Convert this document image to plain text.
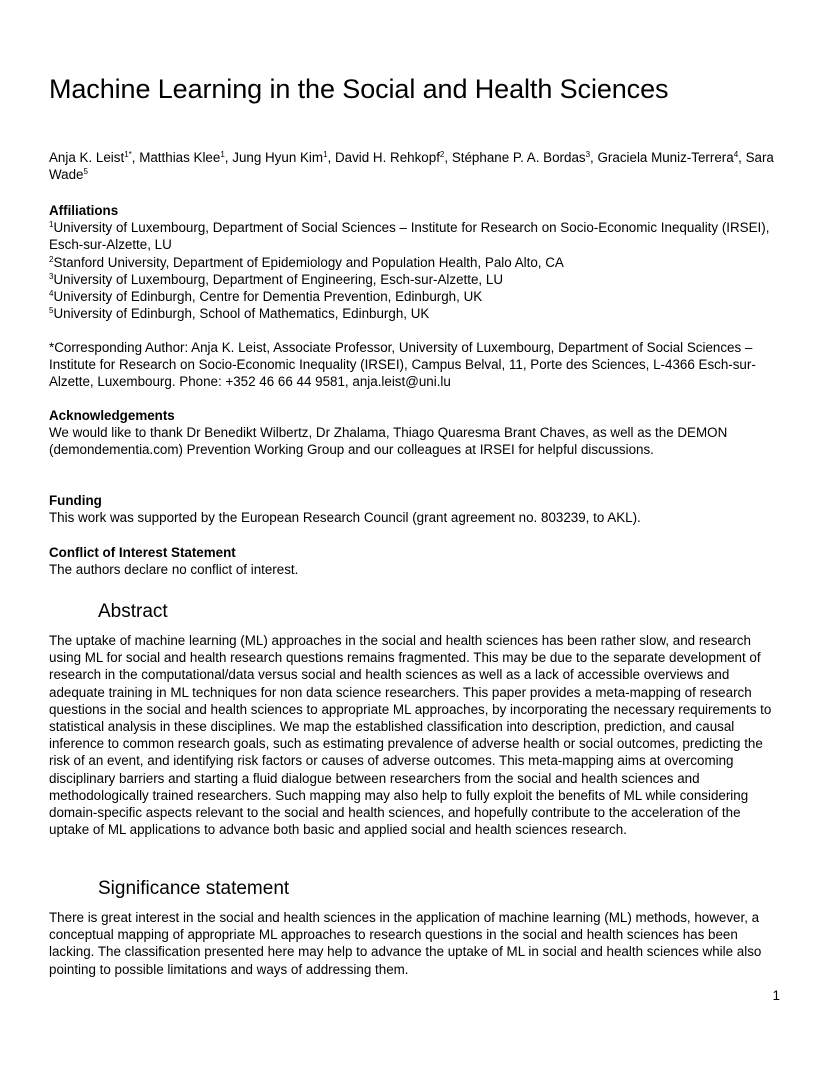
Machine Learning in the Social and Health Sciences

Anja K. Leist$^{1*}$, Matthias Klee$^1$, Jung Hyun Kim$^1$, David H. Rehkopf$^2$, Stéphane P. A. Bordas$^3$, Graciela Muniz-Terrera$^4$, Sara Wade$^5$

Affiliations

$^1$University of Luxembourg, Department of Social Sciences – Institute for Research on Socio-Economic Inequality (IRSEI), Esch-sur-Alzette, LU

$^2$Stanford University, Department of Epidemiology and Population Health, Palo Alto, CA

$^3$University of Luxembourg, Department of Engineering, Esch-sur-Alzette, LU

$^4$University of Edinburgh, Centre for Dementia Prevention, Edinburgh, UK

$^5$University of Edinburgh, School of Mathematics, Edinburgh, UK

*Corresponding Author: Anja K. Leist, Associate Professor, University of Luxembourg, Department of Social Sciences – Institute for Research on Socio-Economic Inequality (IRSEI), Campus Belval, 11, Porte des Sciences, L-4366 Esch-sur-Alzette, Luxembourg. Phone: +352 46 66 44 9581, anja.leist@uni.lu

Acknowledgements

We would like to thank Dr Benedikt Wilbertz, Dr Zhalama, Thiago Quaresma Brant Chaves, as well as the DEMON (demondementia.com) Prevention Working Group and our colleagues at IRSEI for helpful discussions.

Funding

This work was supported by the European Research Council (grant agreement no. 803239, to AKL).

Conflict of Interest Statement

The authors declare no conflict of interest.

Abstract

The uptake of machine learning (ML) approaches in the social and health sciences has been rather slow, and research using ML for social and health research questions remains fragmented. This may be due to the separate development of research in the computational/data versus social and health sciences as well as a lack of accessible overviews and adequate training in ML techniques for non data science researchers. This paper provides a meta-mapping of research questions in the social and health sciences to appropriate ML approaches, by incorporating the necessary requirements to statistical analysis in these disciplines. We map the established classification into description, prediction, and causal inference to common research goals, such as estimating prevalence of adverse health or social outcomes, predicting the risk of an event, and identifying risk factors or causes of adverse outcomes. This meta-mapping aims at overcoming disciplinary barriers and starting a fluid dialogue between researchers from the social and health sciences and methodologically trained researchers. Such mapping may also help to fully exploit the benefits of ML while considering domain-specific aspects relevant to the social and health sciences, and hopefully contribute to the acceleration of the uptake of ML applications to advance both basic and applied social and health sciences research.

Significance statement

There is great interest in the social and health sciences in the application of machine learning (ML) methods, however, a conceptual mapping of appropriate ML approaches to research questions in the social and health sciences has been lacking. The classification presented here may help to advance the uptake of ML in social and health sciences while also pointing to possible limitations and ways of addressing them.

1
